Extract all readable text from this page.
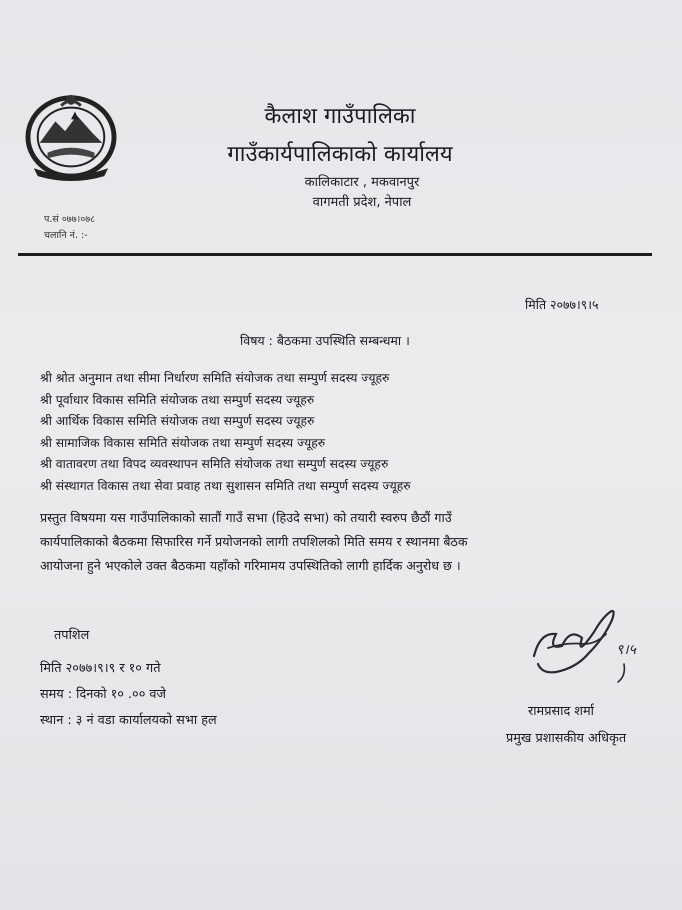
कैलाश गाउँपालिका
गाउँकार्यपालिकाको कार्यालय
कालिकाटार , मकवानपुर
वागमती प्रदेश, नेपाल
प.सं ०७७।०७८
चलानि नं. :-
मिति २०७७।९।५
विषय : बैठकमा उपस्थिति सम्बन्धमा ।
श्री श्रोत अनुमान तथा सीमा निर्धारण समिति संयोजक तथा सम्पुर्ण सदस्य ज्यूहरु
श्री पूर्वाधार विकास समिति संयोजक तथा सम्पुर्ण सदस्य ज्यूहरु
श्री आर्थिक विकास समिति संयोजक तथा सम्पुर्ण सदस्य ज्यूहरु
श्री सामाजिक विकास समिति संयोजक तथा सम्पुर्ण सदस्य ज्यूहरु
श्री वातावरण तथा विपद व्यवस्थापन समिति संयोजक तथा सम्पुर्ण सदस्य ज्यूहरु
श्री संस्थागत विकास तथा सेवा प्रवाह तथा सुशासन समिति तथा सम्पुर्ण सदस्य ज्यूहरु
प्रस्तुत विषयमा यस गाउँपालिकाको सातौं गाउँ सभा (हिउदे सभा) को तयारी स्वरुप छैठौं गाउँ
कार्यपालिकाको बैठकमा सिफारिस गर्ने प्रयोजनको लागी तपशिलको मिति समय र स्थानमा बैठक
आयोजना हुने भएकोले उक्त बैठकमा यहाँको गरिमामय उपस्थितिको लागी हार्दिक अनुरोध छ ।
तपशिल
मिति २०७७।९।९ र १० गते
समय : दिनको १० .०० वजे
स्थान : ३ नं वडा कार्यालयको सभा हल
९।५
रामप्रसाद शर्मा
प्रमुख प्रशासकीय अधिकृत
